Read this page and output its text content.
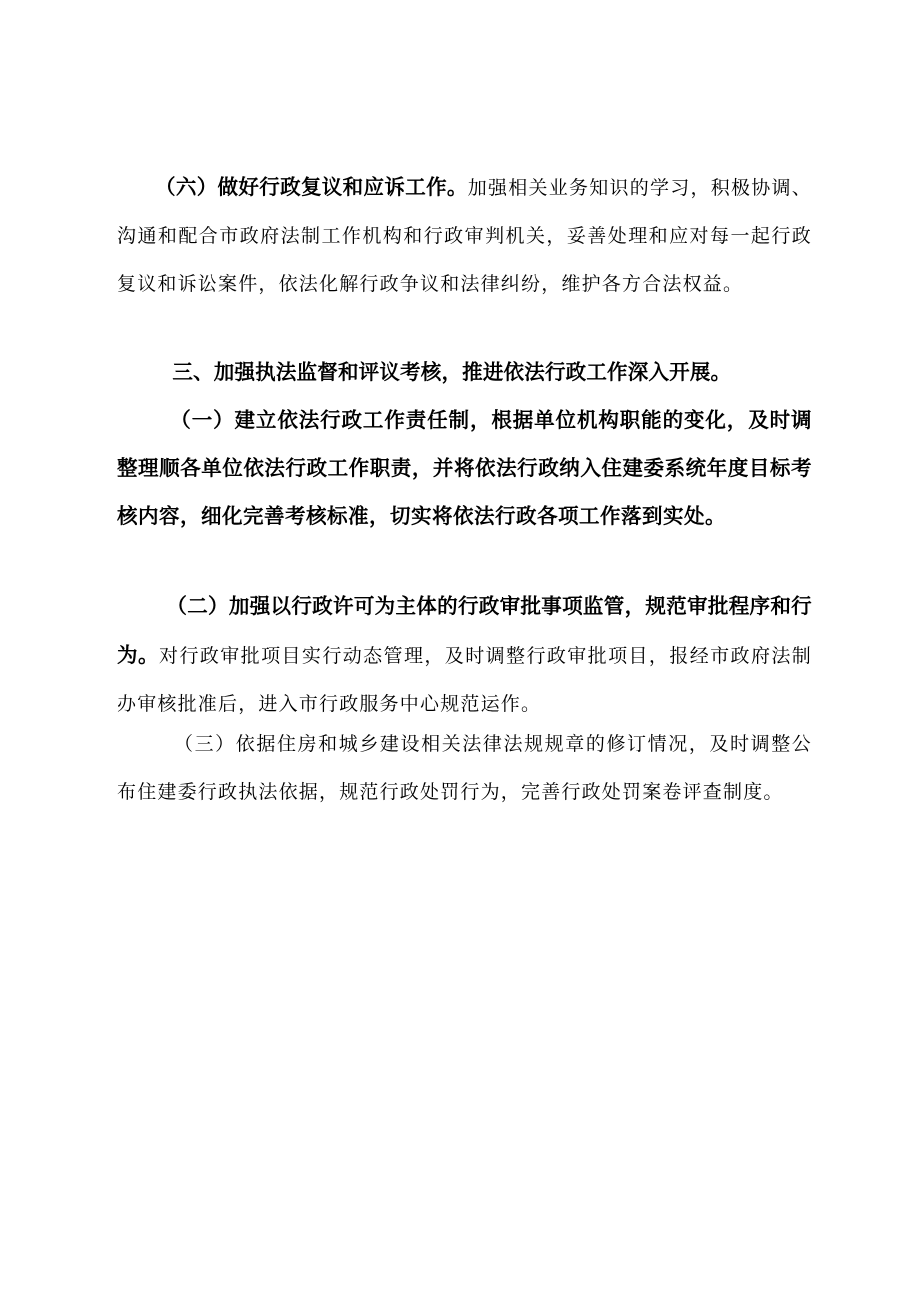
（六）做好行政复议和应诉工作。加强相关业务知识的学习，积极协调、沟通和配合市政府法制工作机构和行政审判机关，妥善处理和应对每一起行政复议和诉讼案件，依法化解行政争议和法律纠纷，维护各方合法权益。

三、加强执法监督和评议考核，推进依法行政工作深入开展。

（一）建立依法行政工作责任制，根据单位机构职能的变化，及时调整理顺各单位依法行政工作职责，并将依法行政纳入住建委系统年度目标考核内容，细化完善考核标准，切实将依法行政各项工作落到实处。

（二）加强以行政许可为主体的行政审批事项监管，规范审批程序和行为。对行政审批项目实行动态管理，及时调整行政审批项目，报经市政府法制办审核批准后，进入市行政服务中心规范运作。

（三）依据住房和城乡建设相关法律法规规章的修订情况，及时调整公布住建委行政执法依据，规范行政处罚行为，完善行政处罚案卷评查制度。
